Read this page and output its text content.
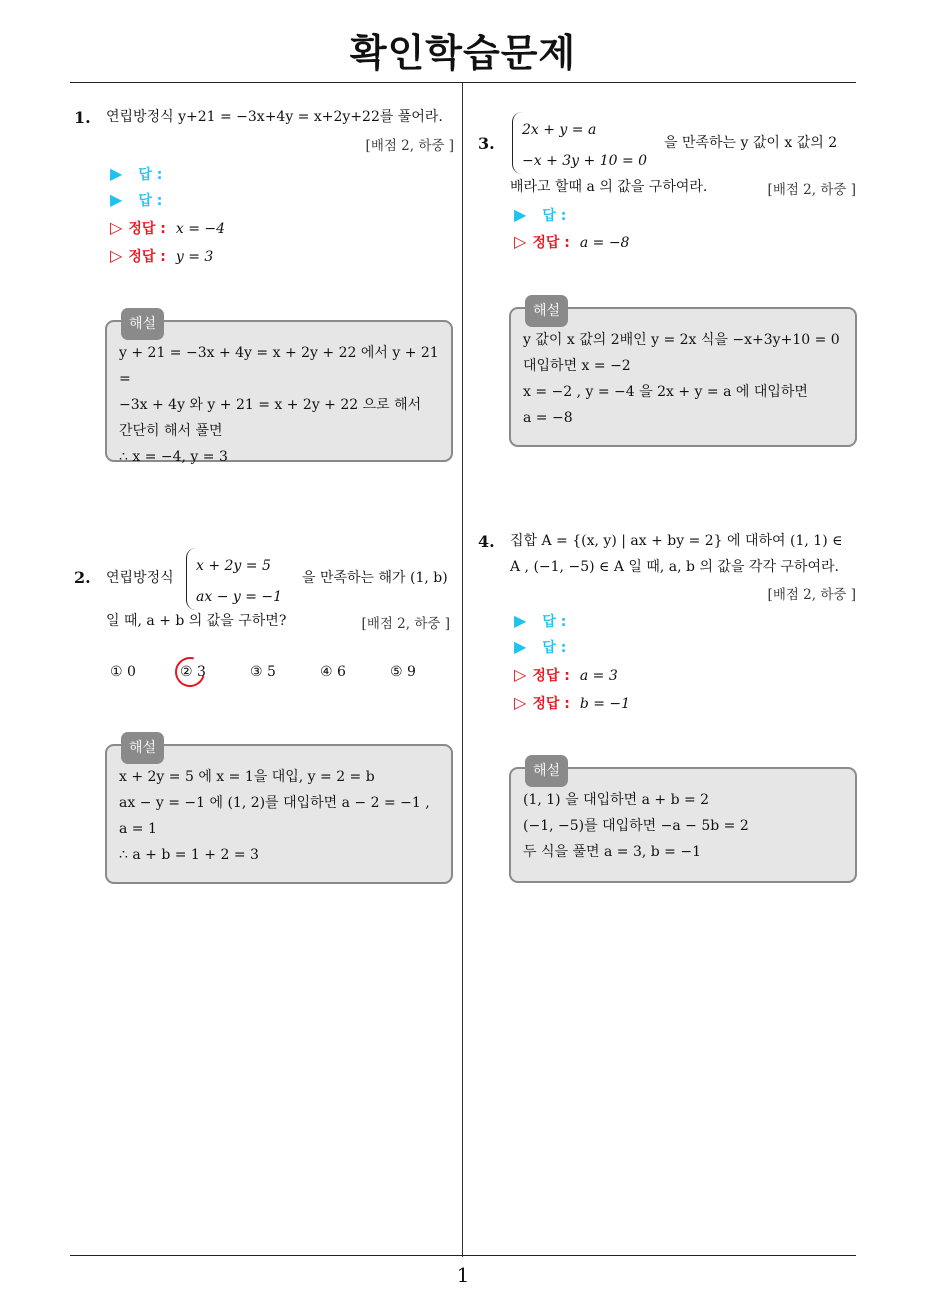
확인학습문제
1. 연립방정식 y+21 = −3x+4y = x+2y+22를 풀어라.
[배점 2, 하중 ]
▶ 답 :
▶ 답 :
▷ 정답 : x = −4
▷ 정답 : y = 3
해설
y + 21 = −3x + 4y = x + 2y + 22 에서 y + 21 =
−3x + 4y 와 y + 21 = x + 2y + 22 으로 해서
간단히 해서 풀면
∴ x = −4, y = 3
2. 연립방정식
x + 2y = 5
ax − y = −1
을 만족하는 해가 (1, b)
일 때, a + b 의 값을 구하면?	[배점 2, 하중 ]
① 0	② 3	③ 5	④ 6	⑤ 9
해설
x + 2y = 5 에 x = 1을 대입, y = 2 = b
ax − y = −1 에 (1, 2)를 대입하면 a − 2 = −1 ,
a = 1
∴ a + b = 1 + 2 = 3
3.
2x + y = a
−x + 3y + 10 = 0
을 만족하는 y 값이 x 값의 2
배라고 할때 a 의 값을 구하여라.	[배점 2, 하중 ]
▶ 답 :
▷ 정답 : a = −8
해설
y 값이 x 값의 2배인 y = 2x 식을 −x+3y+10 = 0
대입하면 x = −2
x = −2 , y = −4 을 2x + y = a 에 대입하면
a = −8
4. 집합 A = {(x, y) | ax + by = 2} 에 대하여 (1, 1) ∈
A , (−1, −5) ∈ A 일 때, a, b 의 값을 각각 구하여라.
[배점 2, 하중 ]
▶ 답 :
▶ 답 :
▷ 정답 : a = 3
▷ 정답 : b = −1
해설
(1, 1) 을 대입하면 a + b = 2
(−1, −5)를 대입하면 −a − 5b = 2
두 식을 풀면 a = 3, b = −1
1
